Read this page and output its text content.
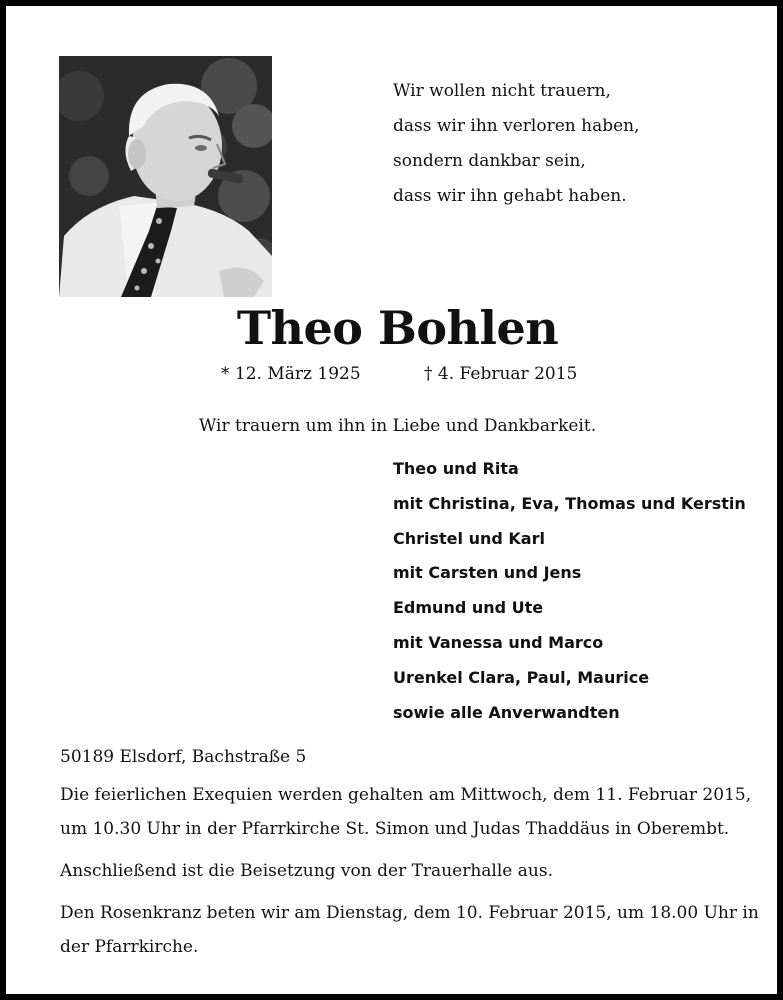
Wir wollen nicht trauern,
dass wir ihn verloren haben,
sondern dankbar sein,
dass wir ihn gehabt haben.
Theo Bohlen
* 12. März 1925	† 4. Februar 2015
Wir trauern um ihn in Liebe und Dankbarkeit.
Theo und Rita
mit Christina, Eva, Thomas und Kerstin
Christel und Karl
mit Carsten und Jens
Edmund und Ute
mit Vanessa und Marco
Urenkel Clara, Paul, Maurice
sowie alle Anverwandten
50189 Elsdorf, Bachstraße 5
Die feierlichen Exequien werden gehalten am Mittwoch, dem 11. Februar 2015,
um 10.30 Uhr in der Pfarrkirche St. Simon und Judas Thaddäus in Oberembt.
Anschließend ist die Beisetzung von der Trauerhalle aus.
Den Rosenkranz beten wir am Dienstag, dem 10. Februar 2015, um 18.00 Uhr in
der Pfarrkirche.
